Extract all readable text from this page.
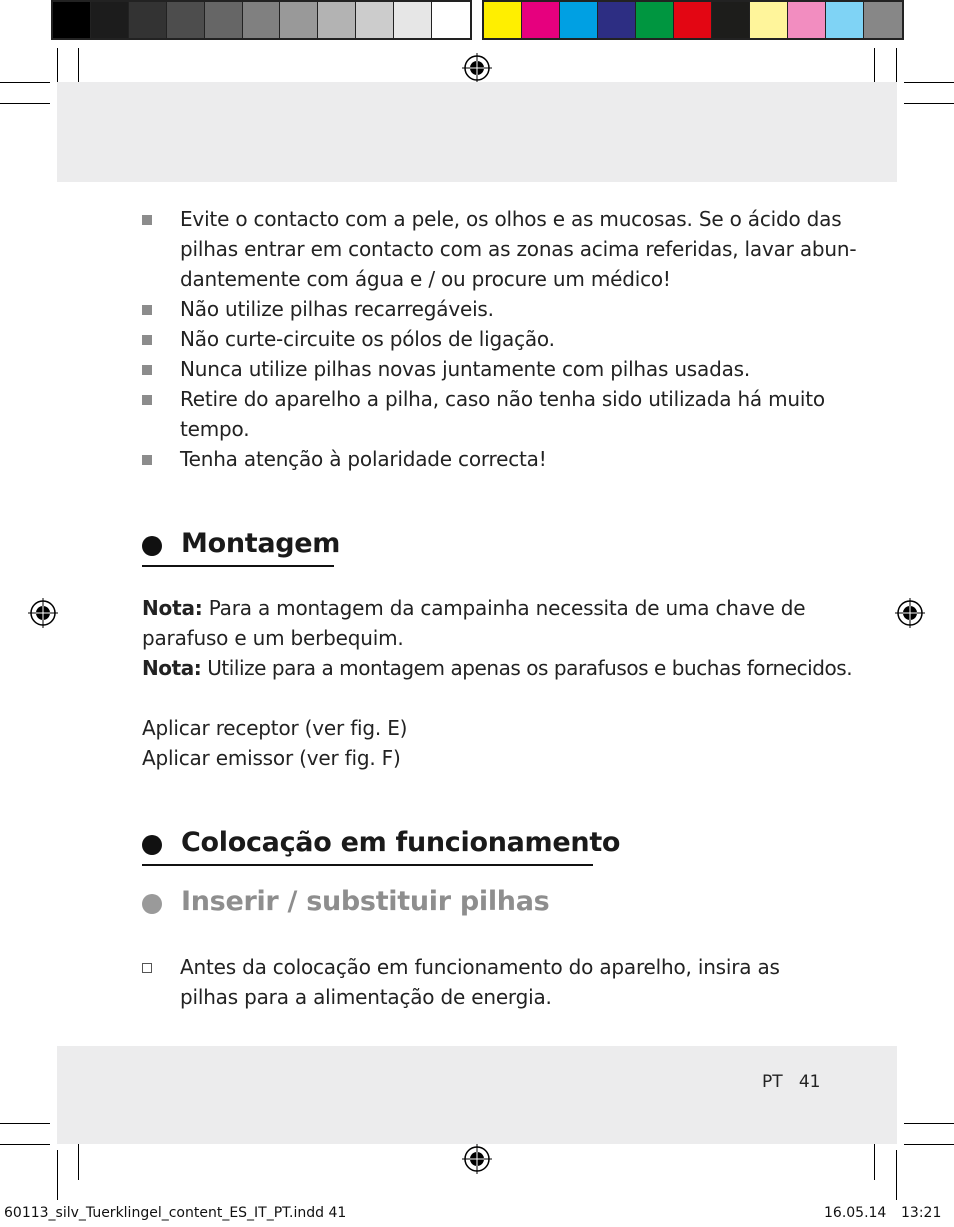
Evite o contacto com a pele, os olhos e as mucosas. Se o ácido das
pilhas entrar em contacto com as zonas acima referidas, lavar abun-
dantemente com água e / ou procure um médico!
Não utilize pilhas recarregáveis.
Não curte-circuite os pólos de ligação.
Nunca utilize pilhas novas juntamente com pilhas usadas.
Retire do aparelho a pilha, caso não tenha sido utilizada há muito
tempo.
Tenha atenção à polaridade correcta!
Montagem
Nota: Para a montagem da campainha necessita de uma chave de
parafuso e um berbequim.
Nota: Utilize para a montagem apenas os parafusos e buchas fornecidos.
Aplicar receptor (ver fig. E)
Aplicar emissor (ver fig. F)
Colocação em funcionamento
Inserir / substituir pilhas
Antes da colocação em funcionamento do aparelho, insira as
pilhas para a alimentação de energia.
PT 41
60113_silv_Tuerklingel_content_ES_IT_PT.indd 41	16.05.14 13:21
